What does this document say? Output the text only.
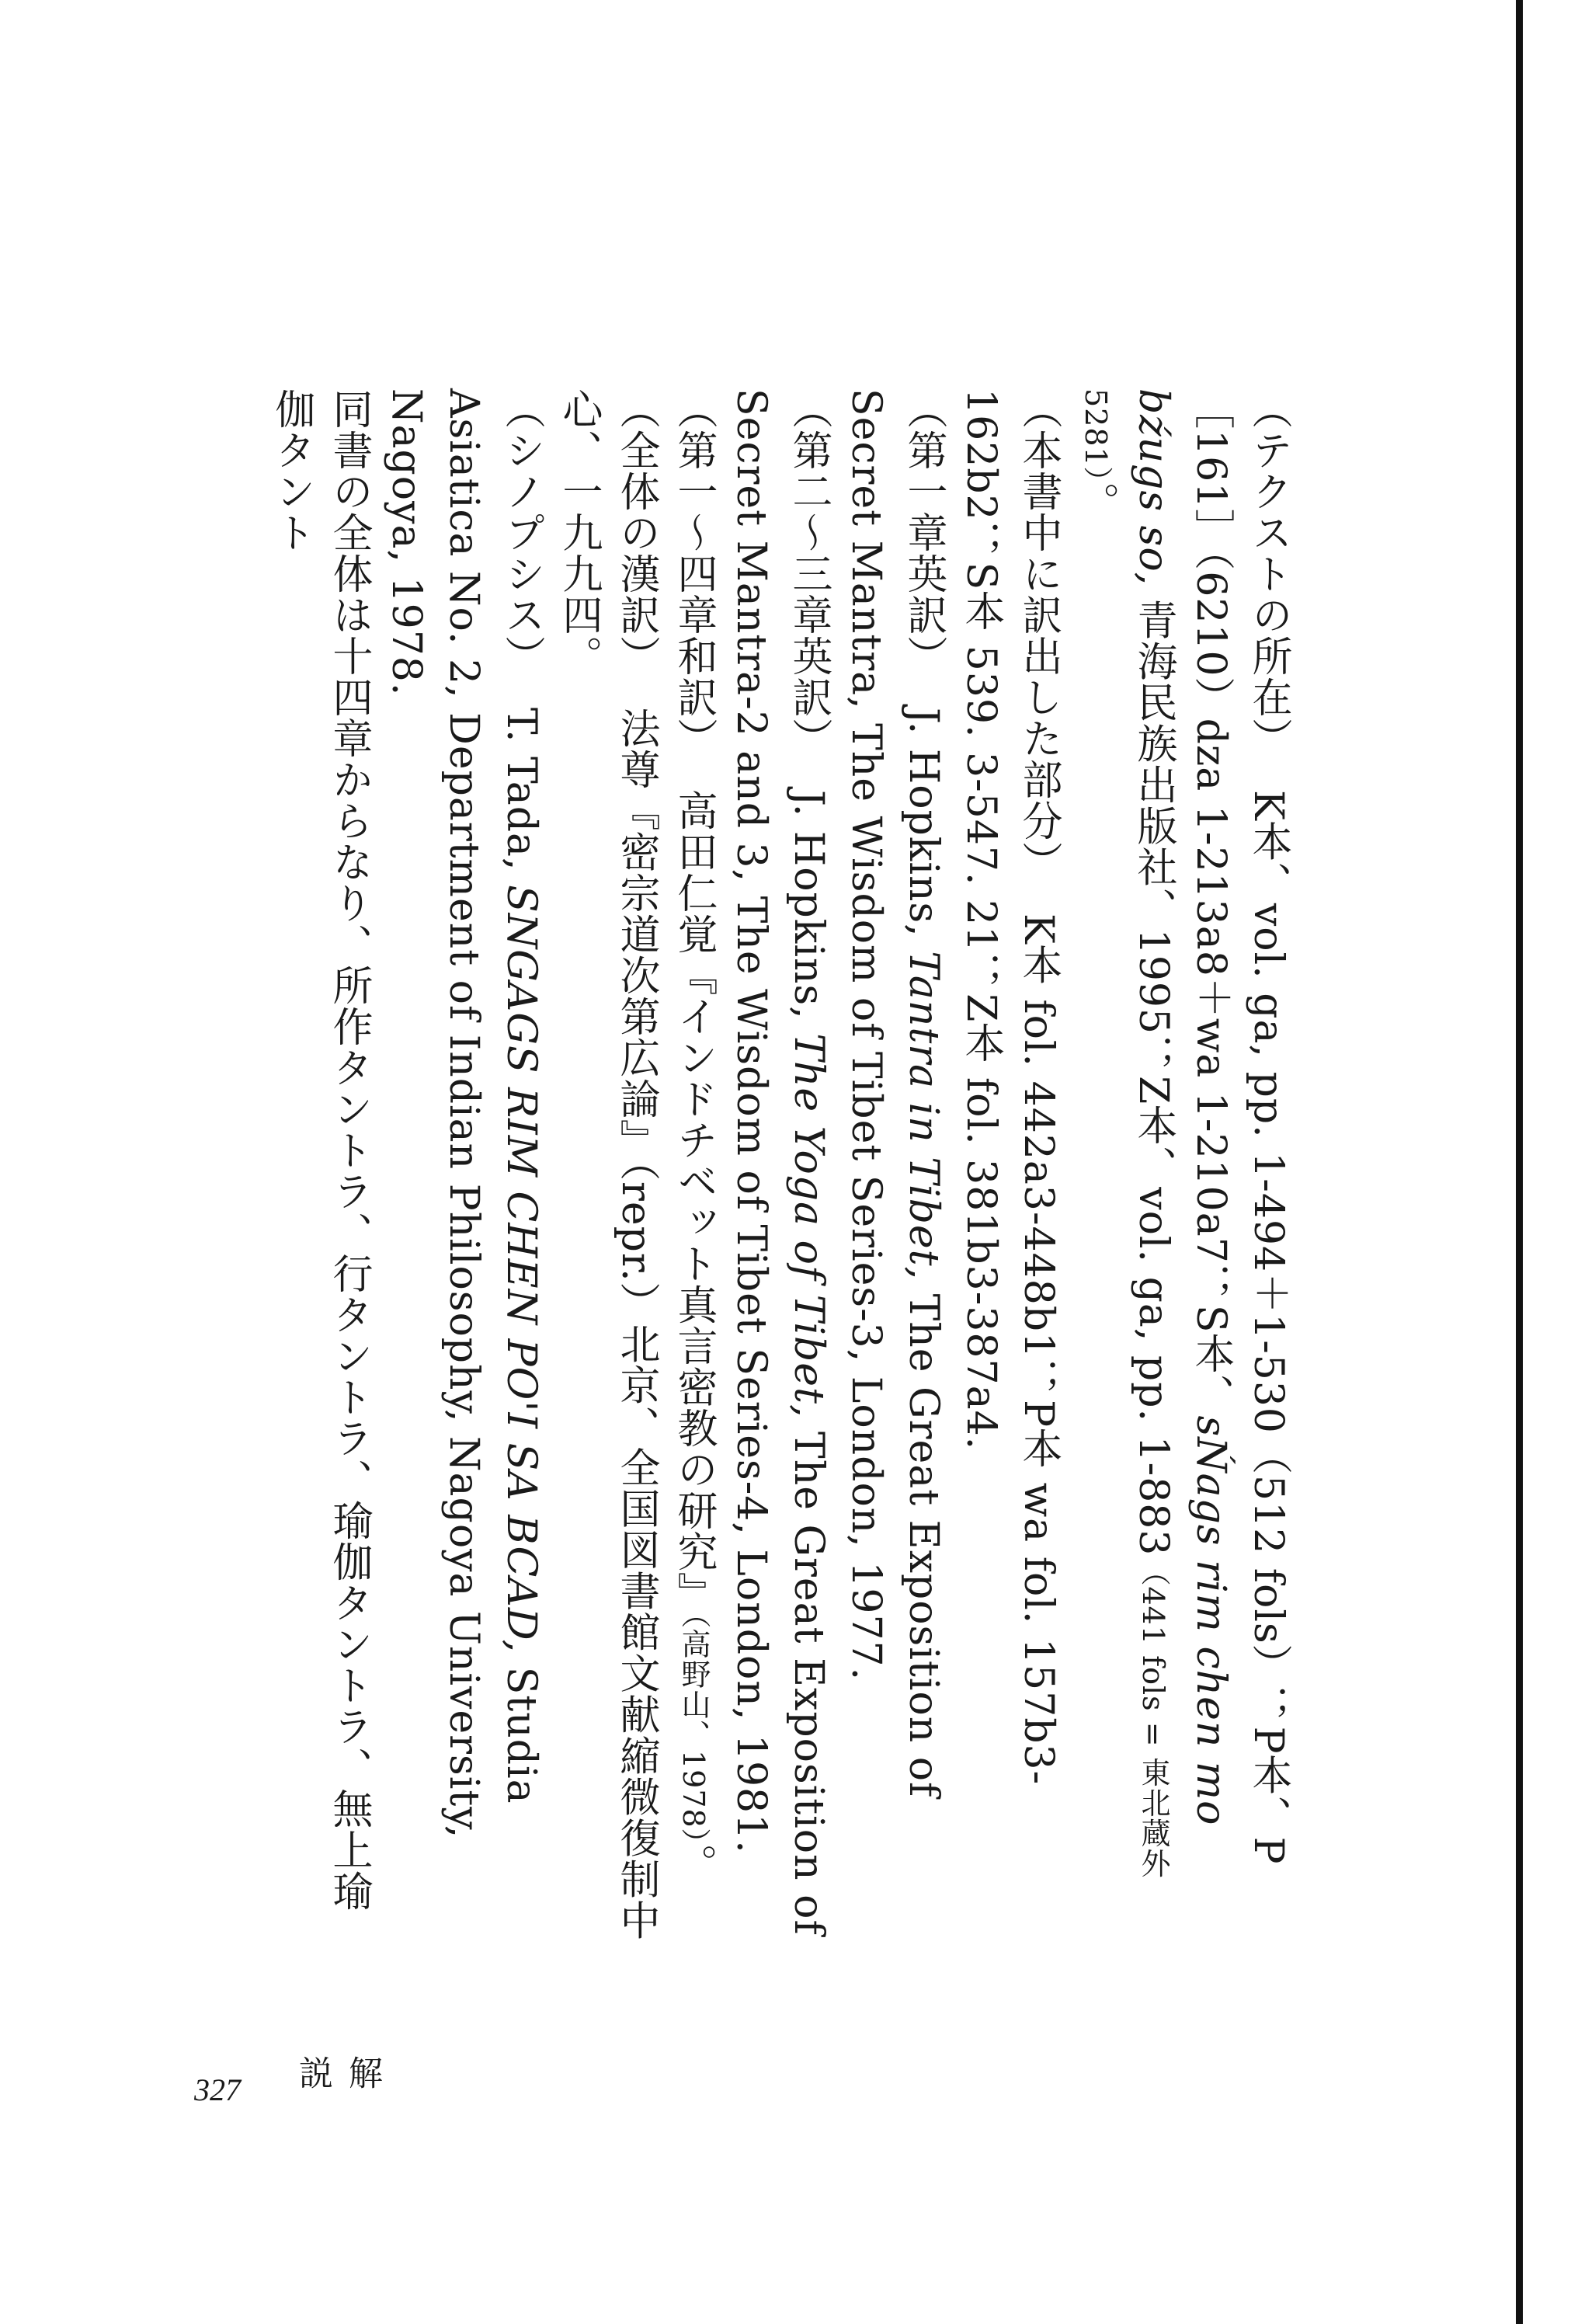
（テクストの所在）K本、vol. ga, pp. 1-494＋1-530（512 fols）；P本、P［161］（6210）dza 1-213a8＋wa 1-210a7；S本、sŃags rim chen mo bźugs so, 青海民族出版社、1995；Z本、vol. ga, pp. 1-883（441 fols = 東北蔵外 5281）。

（本書中に訳出した部分）K本 fol. 442a3-448b1；P本 wa fol. 157b3-162b2；S本 539. 3-547. 21；Z本 fol. 381b3-387a4.

（第一章英訳）J. Hopkins, Tantra in Tibet, The Great Exposition of Secret Mantra, The Wisdom of Tibet Series-3, London, 1977.

（第二〜三章英訳）J. Hopkins, The Yoga of Tibet, The Great Exposition of Secret Mantra-2 and 3, The Wisdom of Tibet Series-4, London, 1981.

（第一〜四章和訳）高田仁覚『インドチベット真言密教の研究』（高野山、1978）。

（全体の漢訳）法尊『密宗道次第広論』（repr.）北京、全国図書館文献縮微復制中心、一九九四。

（シノプシス）T. Tada, SNGAGS RIM CHEN PO'I SA BCAD, Studia Asiatica No. 2, Department of Indian Philosophy, Nagoya University, Nagoya, 1978.

同書の全体は十四章からなり、所作タントラ、行タントラ、瑜伽タントラ、無上瑜伽タント

327	解　説
